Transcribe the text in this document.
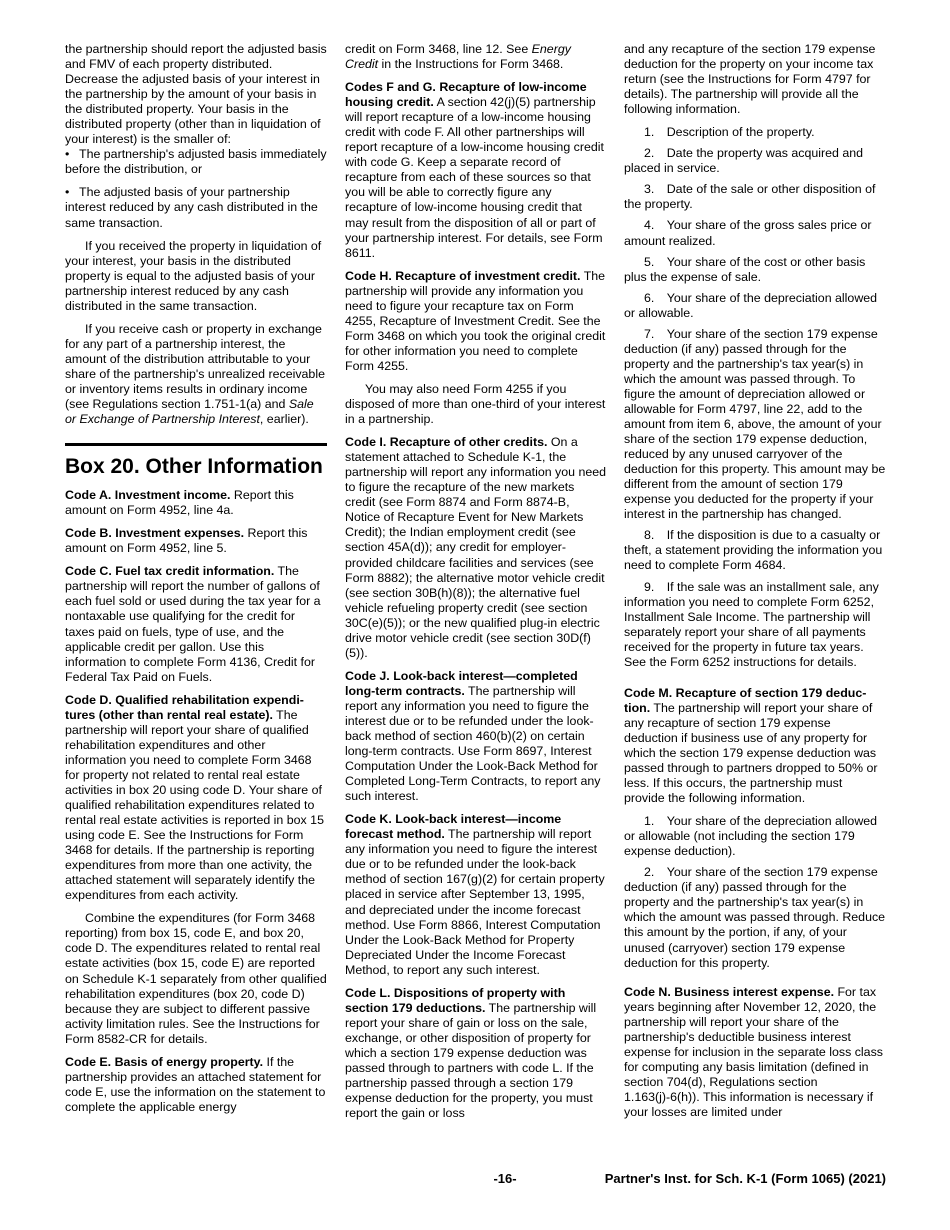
the partnership should report the adjusted basis and FMV of each property distributed. Decrease the adjusted basis of your interest in the partnership by the amount of your basis in the distributed property. Your basis in the distributed property (other than in liquidation of your interest) is the smaller of:

• The partnership's adjusted basis immediately before the distribution, or

• The adjusted basis of your partnership interest reduced by any cash distributed in the same transaction.

If you received the property in liquidation of your interest, your basis in the distributed property is equal to the adjusted basis of your partnership interest reduced by any cash distributed in the same transaction.

If you receive cash or property in exchange for any part of a partnership interest, the amount of the distribution attributable to your share of the partnership's unrealized receivable or inventory items results in ordinary income (see Regulations section 1.751-1(a) and Sale or Exchange of Partnership Interest, earlier).

Box 20. Other Information

Code A. Investment income. Report this amount on Form 4952, line 4a.

Code B. Investment expenses. Report this amount on Form 4952, line 5.

Code C. Fuel tax credit information. The partnership will report the number of gallons of each fuel sold or used during the tax year for a nontaxable use qualifying for the credit for taxes paid on fuels, type of use, and the applicable credit per gallon. Use this information to complete Form 4136, Credit for Federal Tax Paid on Fuels.

Code D. Qualified rehabilitation expendi-tures (other than rental real estate). The partnership will report your share of qualified rehabilitation expenditures and other information you need to complete Form 3468 for property not related to rental real estate activities in box 20 using code D. Your share of qualified rehabilitation expenditures related to rental real estate activities is reported in box 15 using code E. See the Instructions for Form 3468 for details. If the partnership is reporting expenditures from more than one activity, the attached statement will separately identify the expenditures from each activity.

Combine the expenditures (for Form 3468 reporting) from box 15, code E, and box 20, code D. The expenditures related to rental real estate activities (box 15, code E) are reported on Schedule K-1 separately from other qualified rehabilitation expenditures (box 20, code D) because they are subject to different passive activity limitation rules. See the Instructions for Form 8582-CR for details.

Code E. Basis of energy property. If the partnership provides an attached statement for code E, use the information on the statement to complete the applicable energy

credit on Form 3468, line 12. See Energy Credit in the Instructions for Form 3468.

Codes F and G. Recapture of low-income housing credit. A section 42(j)(5) partnership will report recapture of a low-income housing credit with code F. All other partnerships will report recapture of a low-income housing credit with code G. Keep a separate record of recapture from each of these sources so that you will be able to correctly figure any recapture of low-income housing credit that may result from the disposition of all or part of your partnership interest. For details, see Form 8611.

Code H. Recapture of investment credit. The partnership will provide any information you need to figure your recapture tax on Form 4255, Recapture of Investment Credit. See the Form 3468 on which you took the original credit for other information you need to complete Form 4255.

You may also need Form 4255 if you disposed of more than one-third of your interest in a partnership.

Code I. Recapture of other credits. On a statement attached to Schedule K-1, the partnership will report any information you need to figure the recapture of the new markets credit (see Form 8874 and Form 8874-B, Notice of Recapture Event for New Markets Credit); the Indian employment credit (see section 45A(d)); any credit for employer-provided childcare facilities and services (see Form 8882); the alternative motor vehicle credit (see section 30B(h)(8)); the alternative fuel vehicle refueling property credit (see section 30C(e)(5)); or the new qualified plug-in electric drive motor vehicle credit (see section 30D(f)(5)).

Code J. Look-back interest—completed long-term contracts. The partnership will report any information you need to figure the interest due or to be refunded under the look-back method of section 460(b)(2) on certain long-term contracts. Use Form 8697, Interest Computation Under the Look-Back Method for Completed Long-Term Contracts, to report any such interest.

Code K. Look-back interest—income forecast method. The partnership will report any information you need to figure the interest due or to be refunded under the look-back method of section 167(g)(2) for certain property placed in service after September 13, 1995, and depreciated under the income forecast method. Use Form 8866, Interest Computation Under the Look-Back Method for Property Depreciated Under the Income Forecast Method, to report any such interest.

Code L. Dispositions of property with section 179 deductions. The partnership will report your share of gain or loss on the sale, exchange, or other disposition of property for which a section 179 expense deduction was passed through to partners with code L. If the partnership passed through a section 179 expense deduction for the property, you must report the gain or loss

and any recapture of the section 179 expense deduction for the property on your income tax return (see the Instructions for Form 4797 for details). The partnership will provide all the following information.

1. Description of the property.

2. Date the property was acquired and placed in service.

3. Date of the sale or other disposition of the property.

4. Your share of the gross sales price or amount realized.

5. Your share of the cost or other basis plus the expense of sale.

6. Your share of the depreciation allowed or allowable.

7. Your share of the section 179 expense deduction (if any) passed through for the property and the partnership's tax year(s) in which the amount was passed through. To figure the amount of depreciation allowed or allowable for Form 4797, line 22, add to the amount from item 6, above, the amount of your share of the section 179 expense deduction, reduced by any unused carryover of the deduction for this property. This amount may be different from the amount of section 179 expense you deducted for the property if your interest in the partnership has changed.

8. If the disposition is due to a casualty or theft, a statement providing the information you need to complete Form 4684.

9. If the sale was an installment sale, any information you need to complete Form 6252, Installment Sale Income. The partnership will separately report your share of all payments received for the property in future tax years. See the Form 6252 instructions for details.

Code M. Recapture of section 179 deduc-tion. The partnership will report your share of any recapture of section 179 expense deduction if business use of any property for which the section 179 expense deduction was passed through to partners dropped to 50% or less. If this occurs, the partnership must provide the following information.

1. Your share of the depreciation allowed or allowable (not including the section 179 expense deduction).

2. Your share of the section 179 expense deduction (if any) passed through for the property and the partnership's tax year(s) in which the amount was passed through. Reduce this amount by the portion, if any, of your unused (carryover) section 179 expense deduction for this property.

Code N. Business interest expense. For tax years beginning after November 12, 2020, the partnership will report your share of the partnership's deductible business interest expense for inclusion in the separate loss class for computing any basis limitation (defined in section 704(d), Regulations section 1.163(j)-6(h)). This information is necessary if your losses are limited under

-16-	Partner's Inst. for Sch. K-1 (Form 1065) (2021)
